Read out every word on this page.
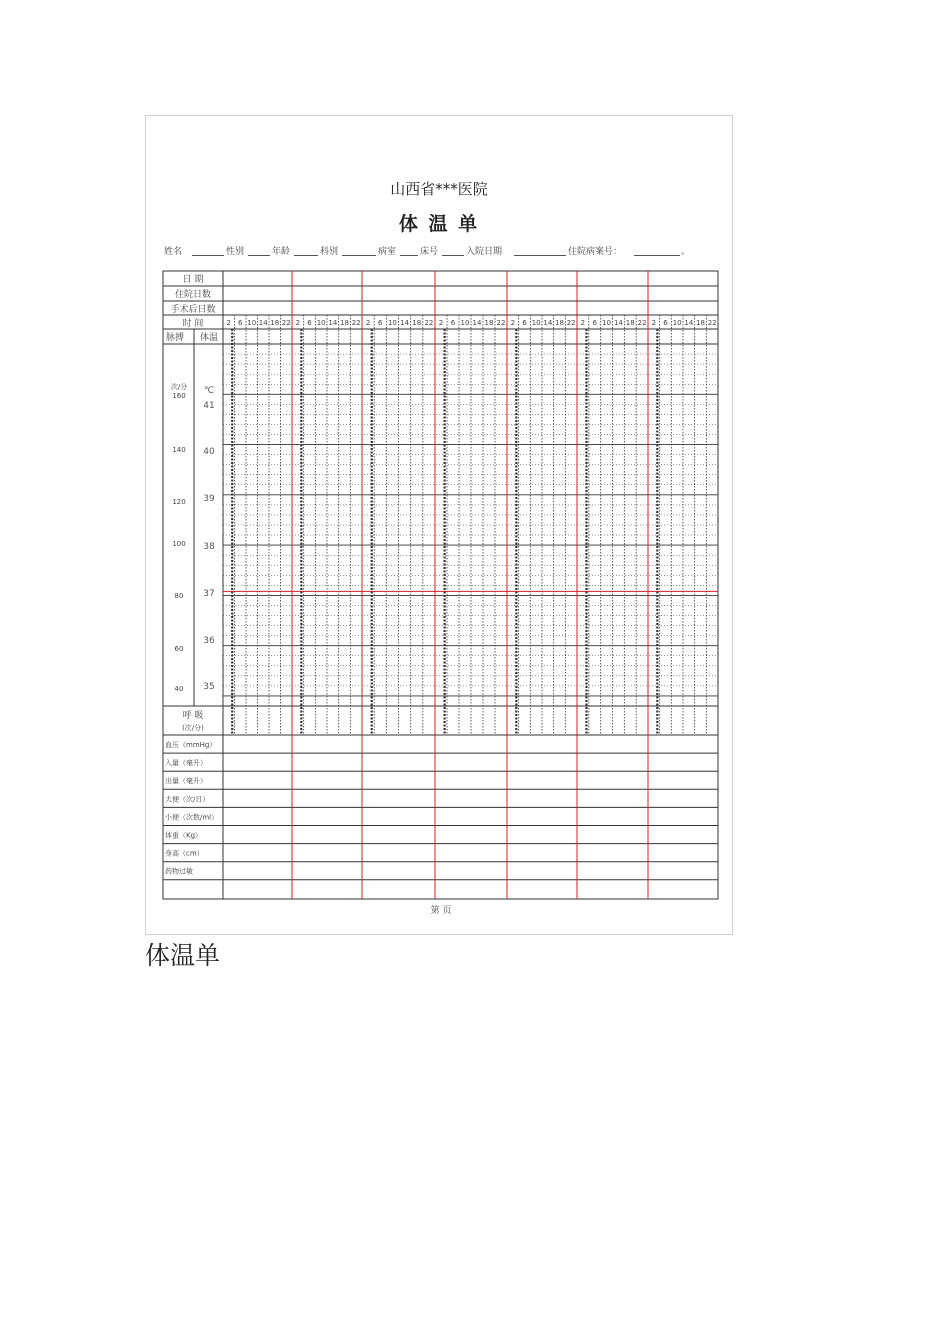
山西省***医院
体 温 单
姓名	性别	年龄	科别	病室	床号	入院日期	住院病案号：	。
日 期
住院日数
手术后日数
时 间
脉搏 体温
2 6 10 14 18 22 2 6 10 14 18 22 2 6 10 14 18 22 2 6 10 14 18 22 2 6 10 14 18 22 2 6 10 14 18 22 2 6 10 14 18 22
次/分 ℃
160
140
120
100
80
60
40
41
40
39
38
37
36
35
呼 吸
(次/分)
血压（mmHg）
入量（毫升）
出量（毫升）
大便（次/日）
小便（次数/ml）
体重（Kg）
身高（cm）
药物过敏
第 页
体温单
